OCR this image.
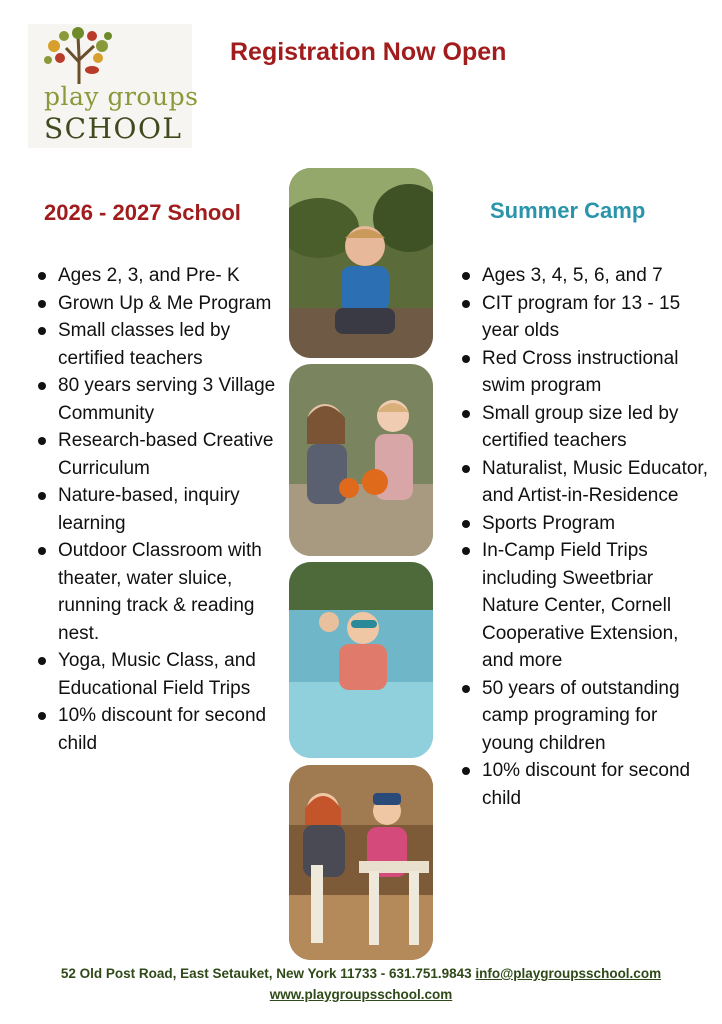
play groups
SCHOOL
Registration Now Open
2026 - 2027 School	Summer Camp
Ages 2, 3, and Pre- K
Grown Up & Me Program
Small classes led by certified teachers
80 years serving 3 Village Community
Research-based Creative Curriculum
Nature-based, inquiry learning
Outdoor Classroom with theater, water sluice, running track & reading nest.
Yoga, Music Class, and Educational Field Trips
10% discount for second child
Ages 3, 4, 5, 6, and 7
CIT program for 13 - 15 year olds
Red Cross instructional swim program
Small group size led by certified teachers
Naturalist, Music Educator, and Artist-in-Residence
Sports Program
In-Camp Field Trips including Sweetbriar Nature Center, Cornell Cooperative Extension, and more
50 years of outstanding camp programing for young children
10% discount for second child
52 Old Post Road, East Setauket, New York 11733 - 631.751.9843 info@playgroupsschool.com
www.playgroupsschool.com
